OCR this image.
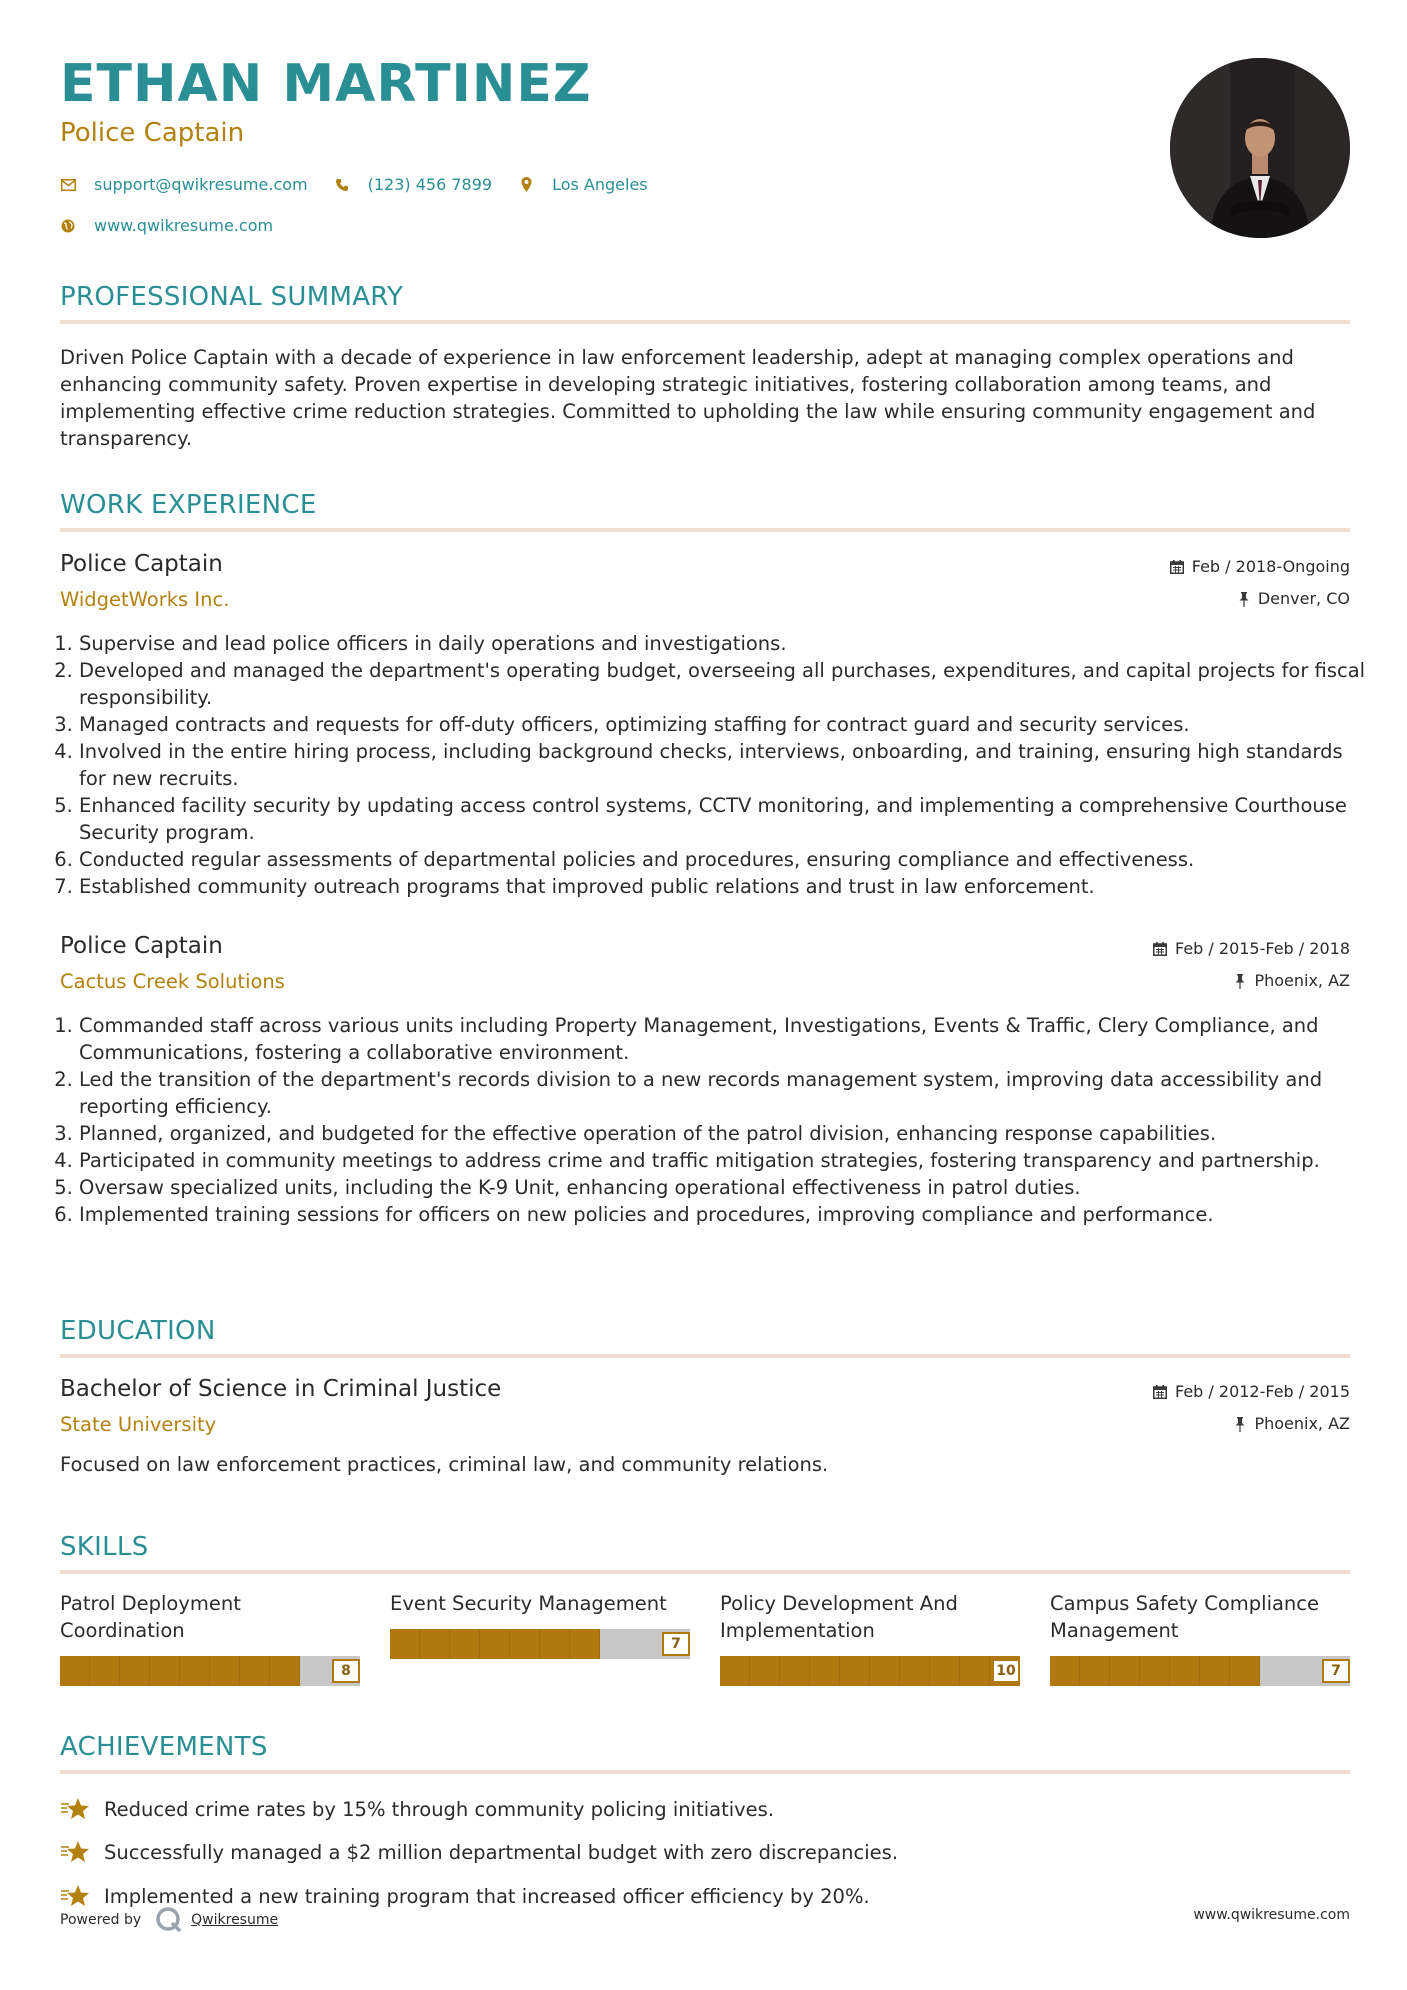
ETHAN MARTINEZ
Police Captain
support@qwikresume.com	(123) 456 7899	Los Angeles
www.qwikresume.com
PROFESSIONAL SUMMARY

Driven Police Captain with a decade of experience in law enforcement leadership, adept at managing complex operations and enhancing community safety. Proven expertise in developing strategic initiatives, fostering collaboration among teams, and implementing effective crime reduction strategies. Committed to upholding the law while ensuring community engagement and transparency.

WORK EXPERIENCE
Police Captain
WidgetWorks Inc.
Feb / 2018-Ongoing
Denver, CO
1. Supervise and lead police officers in daily operations and investigations.
2. Developed and managed the department's operating budget, overseeing all purchases, expenditures, and capital projects for fiscal responsibility.
3. Managed contracts and requests for off-duty officers, optimizing staffing for contract guard and security services.
4. Involved in the entire hiring process, including background checks, interviews, onboarding, and training, ensuring high standards for new recruits.
5. Enhanced facility security by updating access control systems, CCTV monitoring, and implementing a comprehensive Courthouse Security program.
6. Conducted regular assessments of departmental policies and procedures, ensuring compliance and effectiveness.
7. Established community outreach programs that improved public relations and trust in law enforcement.
Police Captain
Cactus Creek Solutions
Feb / 2015-Feb / 2018
Phoenix, AZ
1. Commanded staff across various units including Property Management, Investigations, Events & Traffic, Clery Compliance, and Communications, fostering a collaborative environment.
2. Led the transition of the department's records division to a new records management system, improving data accessibility and reporting efficiency.
3. Planned, organized, and budgeted for the effective operation of the patrol division, enhancing response capabilities.
4. Participated in community meetings to address crime and traffic mitigation strategies, fostering transparency and partnership.
5. Oversaw specialized units, including the K-9 Unit, enhancing operational effectiveness in patrol duties.
6. Implemented training sessions for officers on new policies and procedures, improving compliance and performance.
EDUCATION
Bachelor of Science in Criminal Justice
State University
Feb / 2012-Feb / 2015
Phoenix, AZ

Focused on law enforcement practices, criminal law, and community relations.

SKILLS
Patrol Deployment Coordination
8
Event Security Management
7
Policy Development And Implementation
10
Campus Safety Compliance Management
7
ACHIEVEMENTS
Reduced crime rates by 15% through community policing initiatives.
Successfully managed a $2 million departmental budget with zero discrepancies.
Implemented a new training program that increased officer efficiency by 20%.
Powered by	Qwikresume	www.qwikresume.com
